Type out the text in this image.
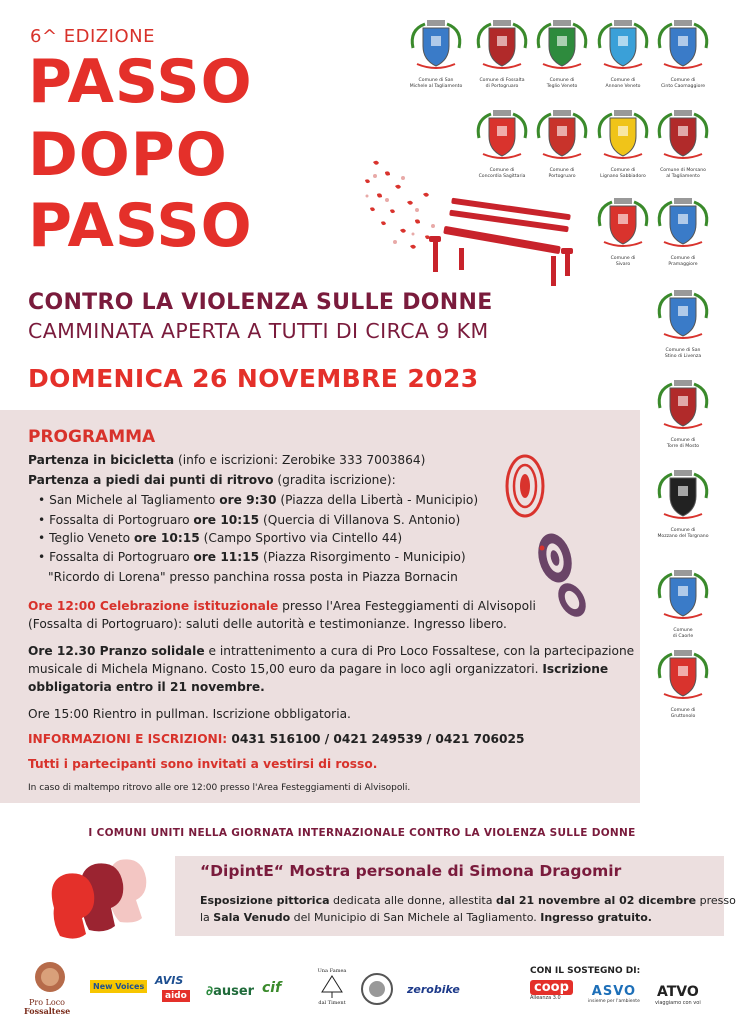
6^ EDIZIONE
PASSO
DOPO
PASSO
Comune di San
Michele al Tagliamento
Comune di Fossalta
di Portogruaro
Comune di
Teglio Veneto
Comune di
Annone Veneto
Comune di
Cinto Caomaggiore
Comune di
Concordia Sagittaria
Comune di
Portogruaro
Comune di
Lignano Sabbiadoro
Comune di Morsano
al Tagliamento
Comune di
Sivaro
Comune di
Pramaggiore
Comune di San
Stino di Livenza
Comune di
Torre di Mosto
Comune di
Mozzano del Torgnano
Comune
di Caorle
Comune di
Gruttonolo
CONTRO LA VIOLENZA SULLE DONNE
CAMMINATA APERTA A TUTTI DI CIRCA 9 KM
DOMENICA 26 NOVEMBRE 2023
PROGRAMMA
Partenza in bicicletta (info e iscrizioni: Zerobike 333 7003864)
Partenza a piedi dai punti di ritrovo (gradita iscrizione):
• San Michele al Tagliamento ore 9:30 (Piazza della Libertà - Municipio)
• Fossalta di Portogruaro ore 10:15 (Quercia di Villanova S. Antonio)
• Teglio Veneto ore 10:15 (Campo Sportivo via Cintello 44)
• Fossalta di Portogruaro ore 11:15 (Piazza Risorgimento - Municipio)
"Ricordo di Lorena" presso panchina rossa posta in Piazza Bornacin
Ore 12:00 Celebrazione istituzionale presso l'Area Festeggiamenti di Alvisopoli
(Fossalta di Portogruaro): saluti delle autorità e testimonianze. Ingresso libero.
Ore 12.30 Pranzo solidale e intrattenimento a cura di Pro Loco Fossaltese, con la partecipazione
musicale di Michela Mignano. Costo 15,00 euro da pagare in loco agli organizzatori. Iscrizione
obbligatoria entro il 21 novembre.
Ore 15:00 Rientro in pullman. Iscrizione obbligatoria.
INFORMAZIONI E ISCRIZIONI: 0431 516100 / 0421 249539 / 0421 706025
Tutti i partecipanti sono invitati a vestirsi di rosso.
In caso di maltempo ritrovo alle ore 12:00 presso l'Area Festeggiamenti di Alvisopoli.
I COMUNI UNITI NELLA GIORNATA INTERNAZIONALE CONTRO LA VIOLENZA SULLE DONNE
“DipintE“ Mostra personale di Simona Dragomir
Esposizione pittorica dedicata alle donne, allestita dal 21 novembre al 02 dicembre presso
la Sala Venudo del Municipio di San Michele al Tagliamento. Ingresso gratuito.
Pro Loco
Fossaltese
New Voices AVIS
aido ∂auser cif
Una Famea
dal Timent
zerobike
CON IL SOSTEGNO DI:
coop
Alleanza 3.0	ASVO
insieme per l'ambiente
ATVO
viaggiamo con voi
